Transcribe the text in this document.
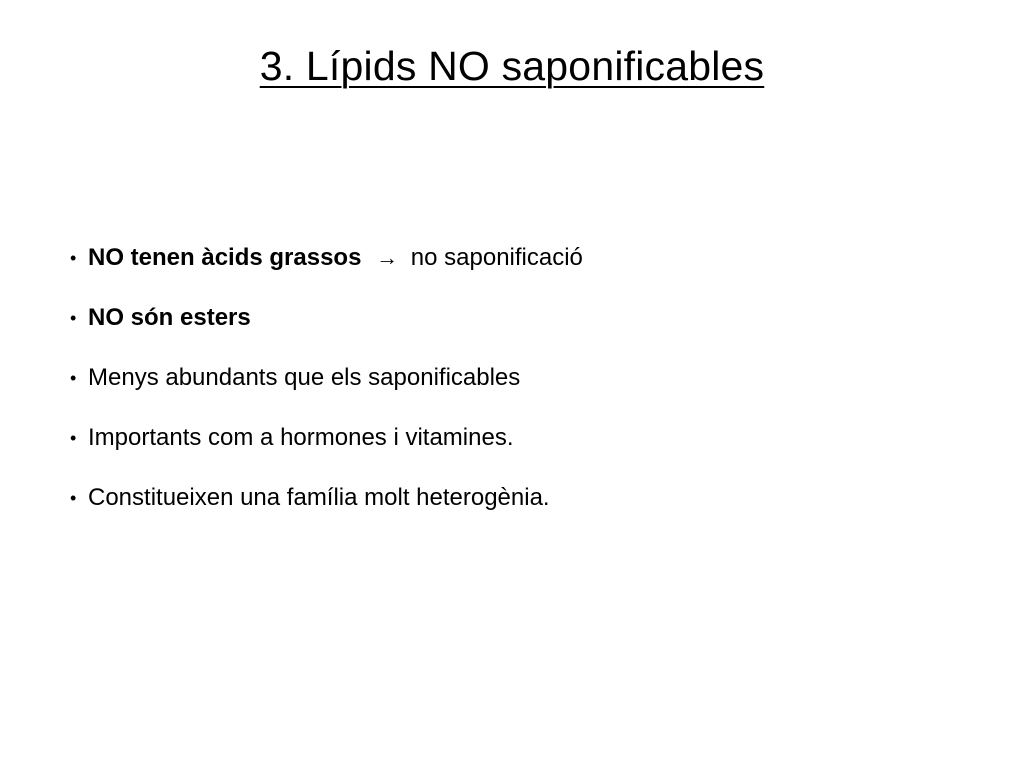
3. Lípids NO saponificables
• NO tenen àcids grassos → no saponificació
• NO són esters
• Menys abundants que els saponificables
• Importants com a hormones i vitamines.
• Constitueixen una família molt heterogènia.
